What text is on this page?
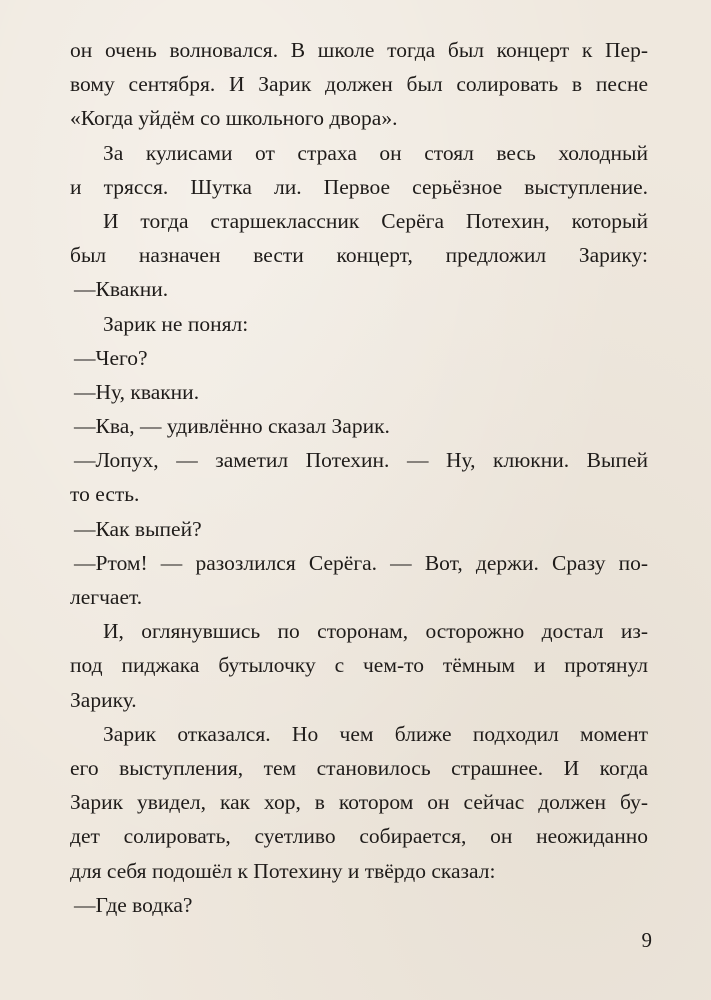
он очень волновался. В школе тогда был концерт к Пер-
вому сентября. И Зарик должен был солировать в песне
«Когда уйдём со школьного двора».
За кулисами от страха он стоял весь холодный
и трясся. Шутка ли. Первое серьёзное выступление.
И тогда старшеклассник Серёга Потехин, который
был назначен вести концерт, предложил Зарику:
—Квакни.
Зарик не понял:
—Чего?
—Ну, квакни.
—Ква, — удивлённо сказал Зарик.
—Лопух, — заметил Потехин. — Ну, клюкни. Выпей
то есть.
—Как выпей?
—Ртом! — разозлился Серёга. — Вот, держи. Сразу по-
легчает.
И, оглянувшись по сторонам, осторожно достал из-
под пиджака бутылочку с чем-то тёмным и протянул
Зарику.
Зарик отказался. Но чем ближе подходил момент
его выступления, тем становилось страшнее. И когда
Зарик увидел, как хор, в котором он сейчас должен бу-
дет солировать, суетливо собирается, он неожиданно
для себя подошёл к Потехину и твёрдо сказал:
—Где водка?
9
